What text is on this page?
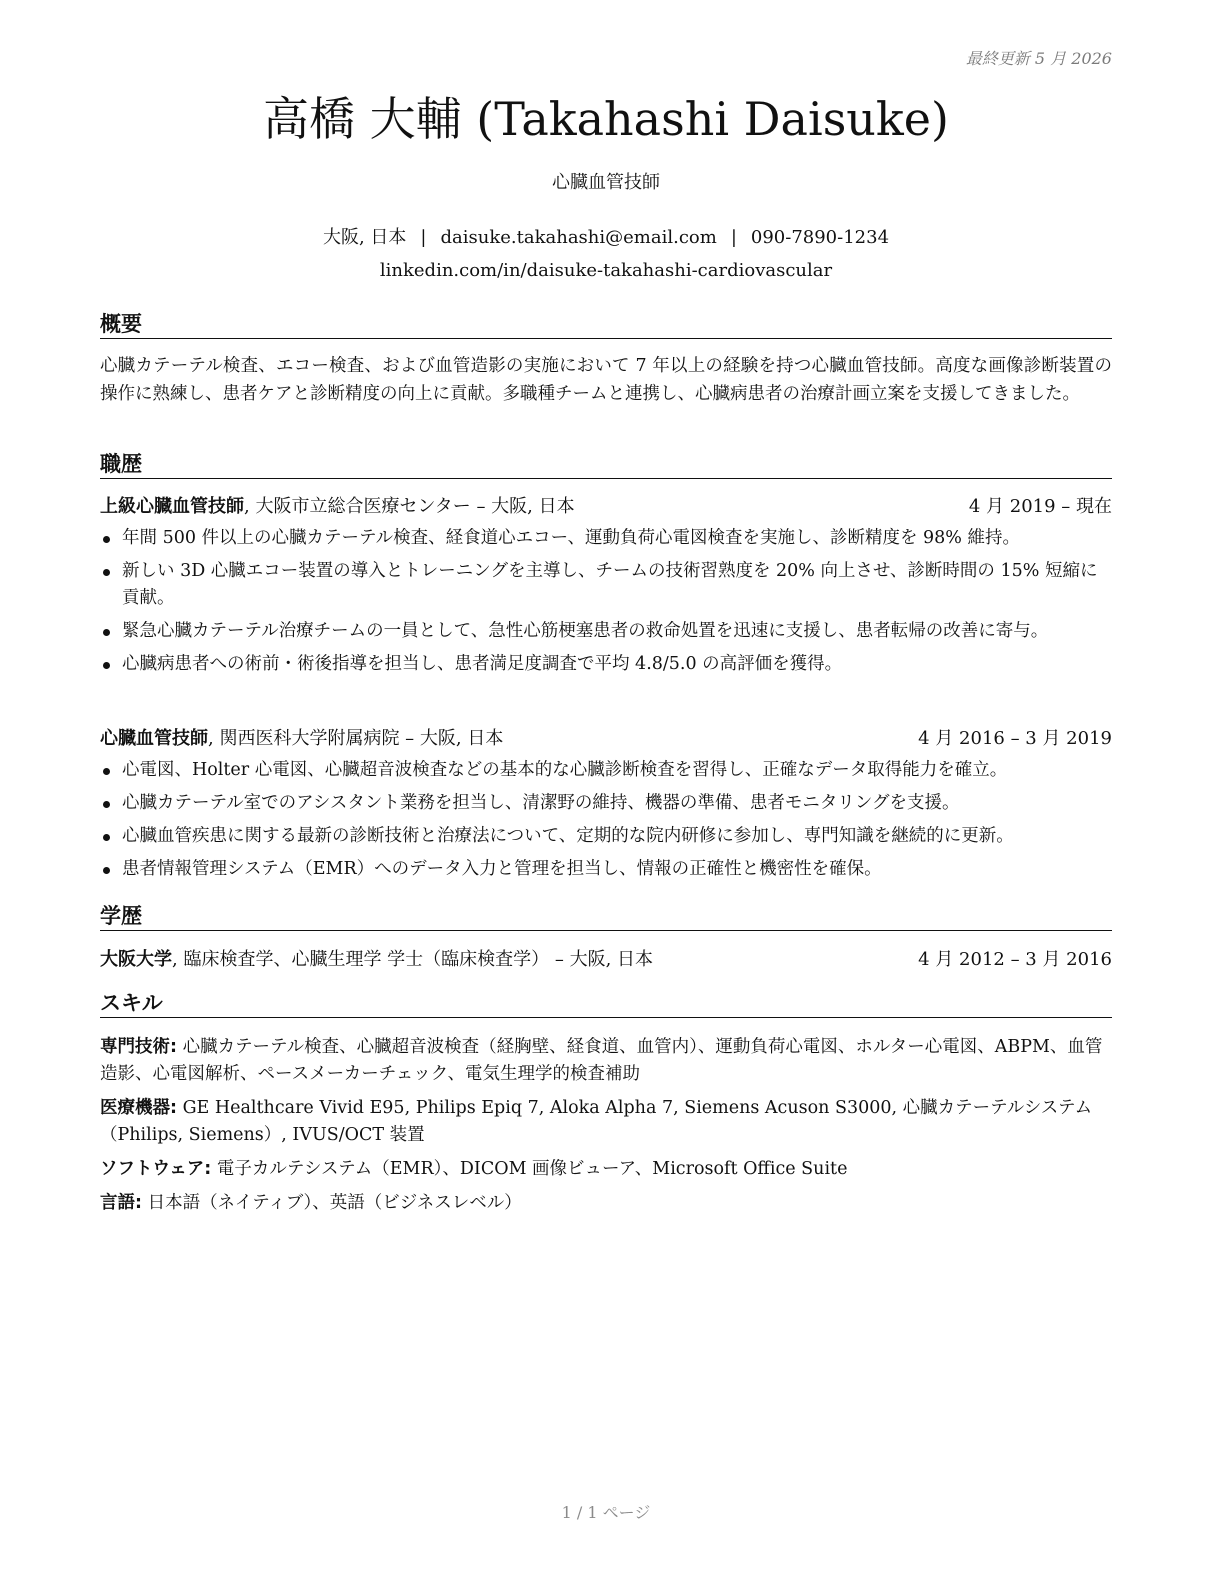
最終更新 5 月 2026
高橋 大輔 (Takahashi Daisuke)
心臓血管技師
大阪, 日本 | daisuke.takahashi@email.com | 090-7890-1234
linkedin.com/in/daisuke-takahashi-cardiovascular
概要
心臓カテーテル検査、エコー検査、および血管造影の実施において 7 年以上の経験を持つ心臓血管技師。高度な画像診断装置の操作に熟練し、患者ケアと診断精度の向上に貢献。多職種チームと連携し、心臓病患者の治療計画立案を支援してきました。
職歴
上級心臓血管技師, 大阪市立総合医療センター – 大阪, 日本	4 月 2019 – 現在
年間 500 件以上の心臓カテーテル検査、経食道心エコー、運動負荷心電図検査を実施し、診断精度を 98% 維持。
新しい 3D 心臓エコー装置の導入とトレーニングを主導し、チームの技術習熟度を 20% 向上させ、診断時間の 15% 短縮に貢献。
緊急心臓カテーテル治療チームの一員として、急性心筋梗塞患者の救命処置を迅速に支援し、患者転帰の改善に寄与。
心臓病患者への術前・術後指導を担当し、患者満足度調査で平均 4.8/5.0 の高評価を獲得。
心臓血管技師, 関西医科大学附属病院 – 大阪, 日本	4 月 2016 – 3 月 2019
心電図、Holter 心電図、心臓超音波検査などの基本的な心臓診断検査を習得し、正確なデータ取得能力を確立。
心臓カテーテル室でのアシスタント業務を担当し、清潔野の維持、機器の準備、患者モニタリングを支援。
心臓血管疾患に関する最新の診断技術と治療法について、定期的な院内研修に参加し、専門知識を継続的に更新。
患者情報管理システム（EMR）へのデータ入力と管理を担当し、情報の正確性と機密性を確保。
学歴
大阪大学, 臨床検査学、心臓生理学 学士（臨床検査学） – 大阪, 日本	4 月 2012 – 3 月 2016
スキル
専門技術: 心臓カテーテル検査、心臓超音波検査（経胸壁、経食道、血管内）、運動負荷心電図、ホルター心電図、ABPM、血管造影、心電図解析、ペースメーカーチェック、電気生理学的検査補助
医療機器: GE Healthcare Vivid E95, Philips Epiq 7, Aloka Alpha 7, Siemens Acuson S3000, 心臓カテーテルシステム（Philips, Siemens）, IVUS/OCT 装置
ソフトウェア: 電子カルテシステム（EMR）、DICOM 画像ビューア、Microsoft Office Suite
言語: 日本語（ネイティブ）、英語（ビジネスレベル）
1 / 1 ページ
